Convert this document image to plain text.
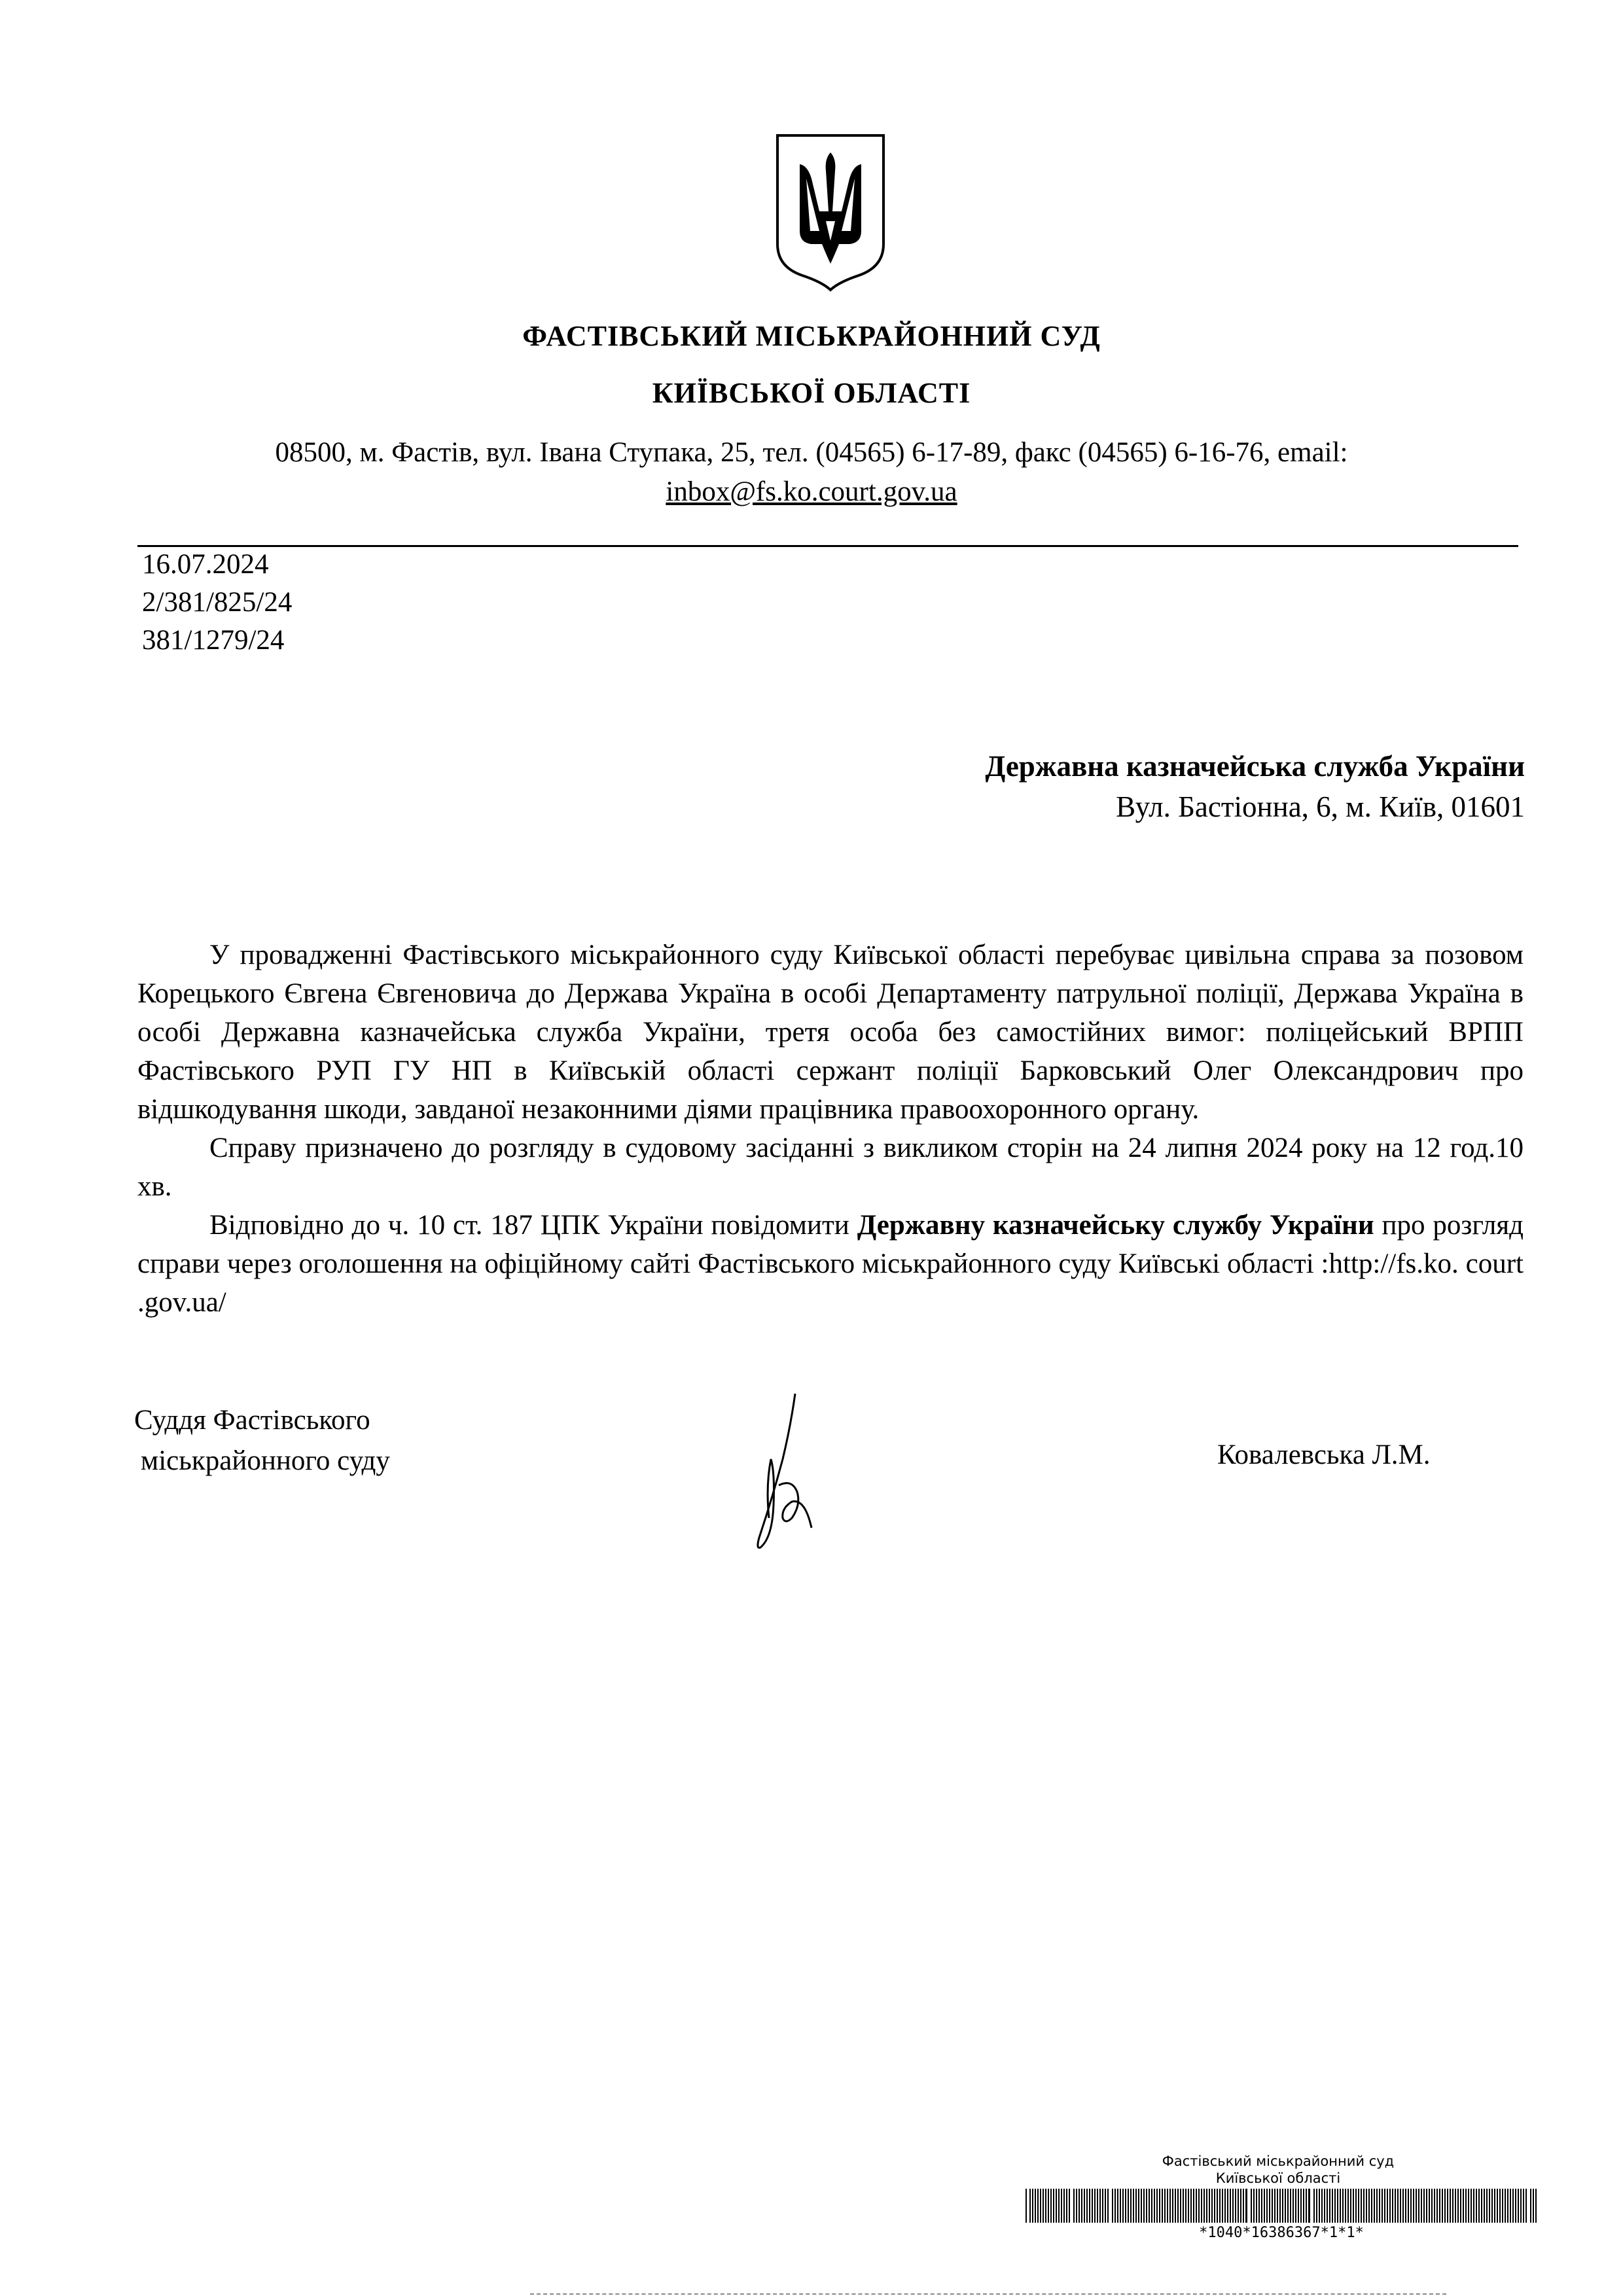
ФАСТІВСЬКИЙ МІСЬКРАЙОННИЙ СУД
КИЇВСЬКОЇ ОБЛАСТІ
08500, м. Фастів, вул. Івана Ступака, 25, тел. (04565) 6-17-89, факс (04565) 6-16-76, email:
inbox@fs.ko.court.gov.ua
16.07.2024
2/381/825/24
381/1279/24
Державна казначейська служба України
Вул. Бастіонна, 6, м. Київ, 01601

У провадженні Фастівського міськрайонного суду Київської області перебуває цивільна справа за позовом Корецького Євгена Євгеновича до Держава Україна в особі Департаменту патрульної поліції, Держава Україна в особі Державна казначейська служба України, третя особа без самостійних вимог: поліцейський ВРПП Фастівського РУП ГУ НП в Київській області сержант поліції Барковський Олег Олександрович про відшкодування шкоди, завданої незаконними діями працівника правоохоронного органу.

Справу призначено до розгляду в судовому засіданні з викликом сторін на 24 липня 2024 року на 12 год.10 хв.

Відповідно до ч. 10 ст. 187 ЦПК України повідомити Державну казначейську службу України про розгляд справи через оголошення на офіційному сайті Фастівського міськрайонного суду Київські області :http://fs.ko. court .gov.ua/

Суддя Фастівського
міськрайонного суду	Ковалевська Л.М.
Фастівський міськрайонний суд
Київської області
*1040*16386367*1*1*
